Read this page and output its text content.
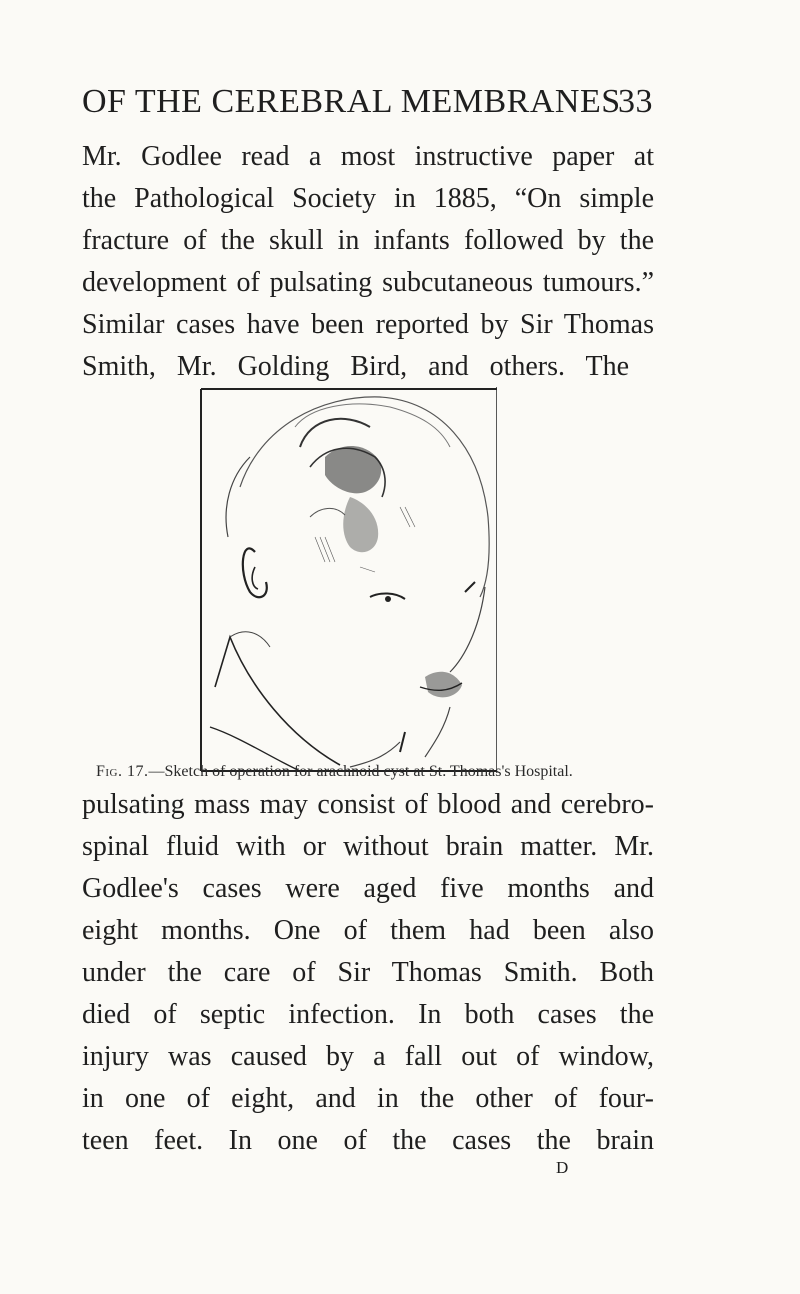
OF THE CEREBRAL MEMBRANES
33
Mr. Godlee read a most instructive paper at
the Pathological Society in 1885, “On simple
fracture of the skull in infants followed by the
development of pulsating subcutaneous tumours.”
Similar cases have been reported by Sir Thomas
Smith, Mr. Golding Bird, and others. The
Fig. 17.—Sketch of operation for arachnoid cyst at St. Thomas's Hospital.
pulsating mass may consist of blood and cerebro-
spinal fluid with or without brain matter. Mr.
Godlee's cases were aged five months and
eight months. One of them had been also
under the care of Sir Thomas Smith. Both
died of septic infection. In both cases the
injury was caused by a fall out of window,
in one of eight, and in the other of four-
teen feet. In one of the cases the brain
D
